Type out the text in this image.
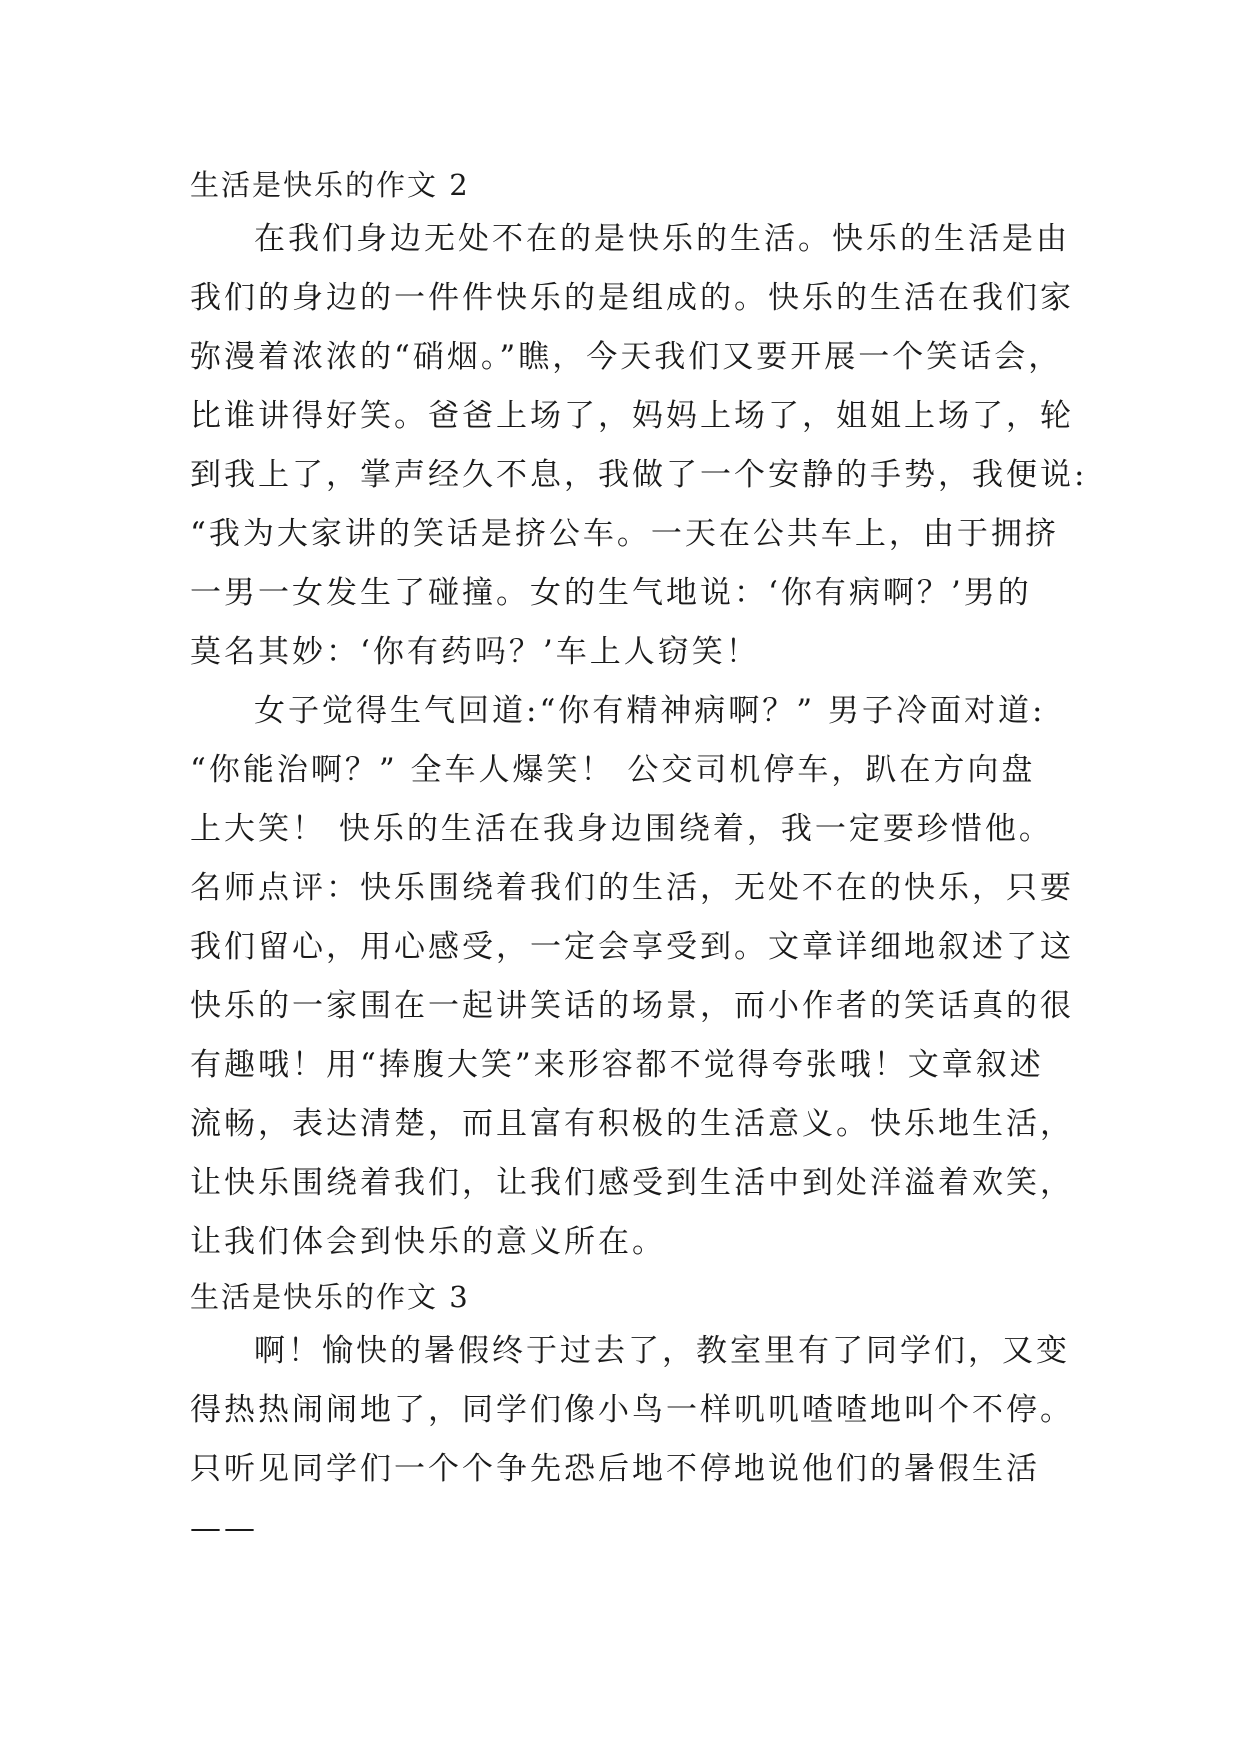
生活是快乐的作文 2
在我们身边无处不在的是快乐的生活。快乐的生活是由
我们的身边的一件件快乐的是组成的。快乐的生活在我们家
弥漫着浓浓的“硝烟。”瞧，今天我们又要开展一个笑话会，
比谁讲得好笑。爸爸上场了，妈妈上场了，姐姐上场了，轮
到我上了，掌声经久不息，我做了一个安静的手势，我便说:
“我为大家讲的笑话是挤公车。一天在公共车上，由于拥挤
一男一女发生了碰撞。女的生气地说：‘你有病啊？’男的
莫名其妙：‘你有药吗？’车上人窃笑！
女子觉得生气回道:“你有精神病啊？” 男子冷面对道:
“你能治啊？” 全车人爆笑！ 公交司机停车，趴在方向盘
上大笑！ 快乐的生活在我身边围绕着，我一定要珍惜他。
名师点评：快乐围绕着我们的生活，无处不在的快乐，只要
我们留心，用心感受，一定会享受到。文章详细地叙述了这
快乐的一家围在一起讲笑话的场景，而小作者的笑话真的很
有趣哦！用“捧腹大笑”来形容都不觉得夸张哦！文章叙述
流畅，表达清楚，而且富有积极的生活意义。快乐地生活，
让快乐围绕着我们，让我们感受到生活中到处洋溢着欢笑，
让我们体会到快乐的意义所在。
生活是快乐的作文 3
啊！愉快的暑假终于过去了，教室里有了同学们，又变
得热热闹闹地了，同学们像小鸟一样叽叽喳喳地叫个不停。
只听见同学们一个个争先恐后地不停地说他们的暑假生活
——
